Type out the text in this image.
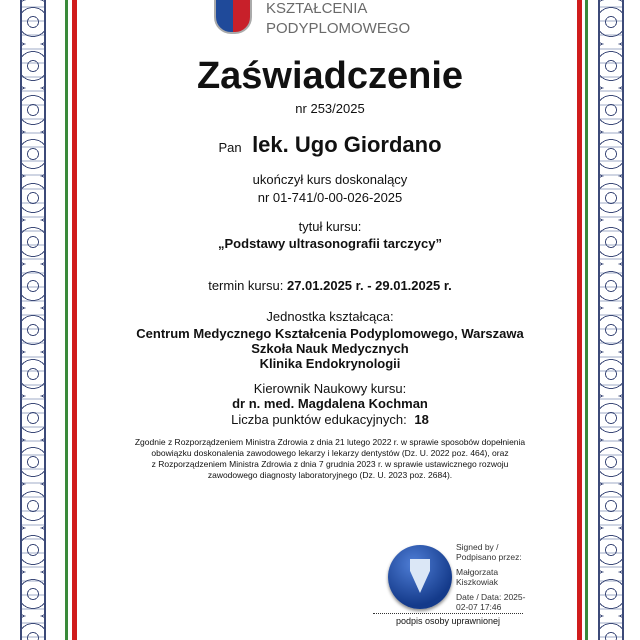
KSZTAŁCENIA
PODYPLOMOWEGO
Zaświadczenie
nr 253/2025
Pan lek. Ugo Giordano
ukończył kurs doskonalący
nr 01-741/0-00-026-2025
tytuł kursu:
„Podstawy ultrasonografii tarczycy”
termin kursu: 27.01.2025 r. - 29.01.2025 r.
Jednostka kształcąca:
Centrum Medycznego Kształcenia Podyplomowego, Warszawa
Szkoła Nauk Medycznych
Klinika Endokrynologii
Kierownik Naukowy kursu:
dr n. med. Magdalena Kochman
Liczba punktów edukacyjnych: 18
Zgodnie z Rozporządzeniem Ministra Zdrowia z dnia 21 lutego 2022 r. w sprawie sposobów dopełnienia
obowiązku doskonalenia zawodowego lekarzy i lekarzy dentystów (Dz. U. 2022 poz. 464), oraz
z Rozporządzeniem Ministra Zdrowia z dnia 7 grudnia 2023 r. w sprawie ustawicznego rozwoju
zawodowego diagnosty laboratoryjnego (Dz. U. 2023 poz. 2684).
Signed by /
Podpisano przez:
Małgorzata
Kiszkowiak
Date / Data: 2025-
02-07 17:46
podpis osoby uprawnionej
